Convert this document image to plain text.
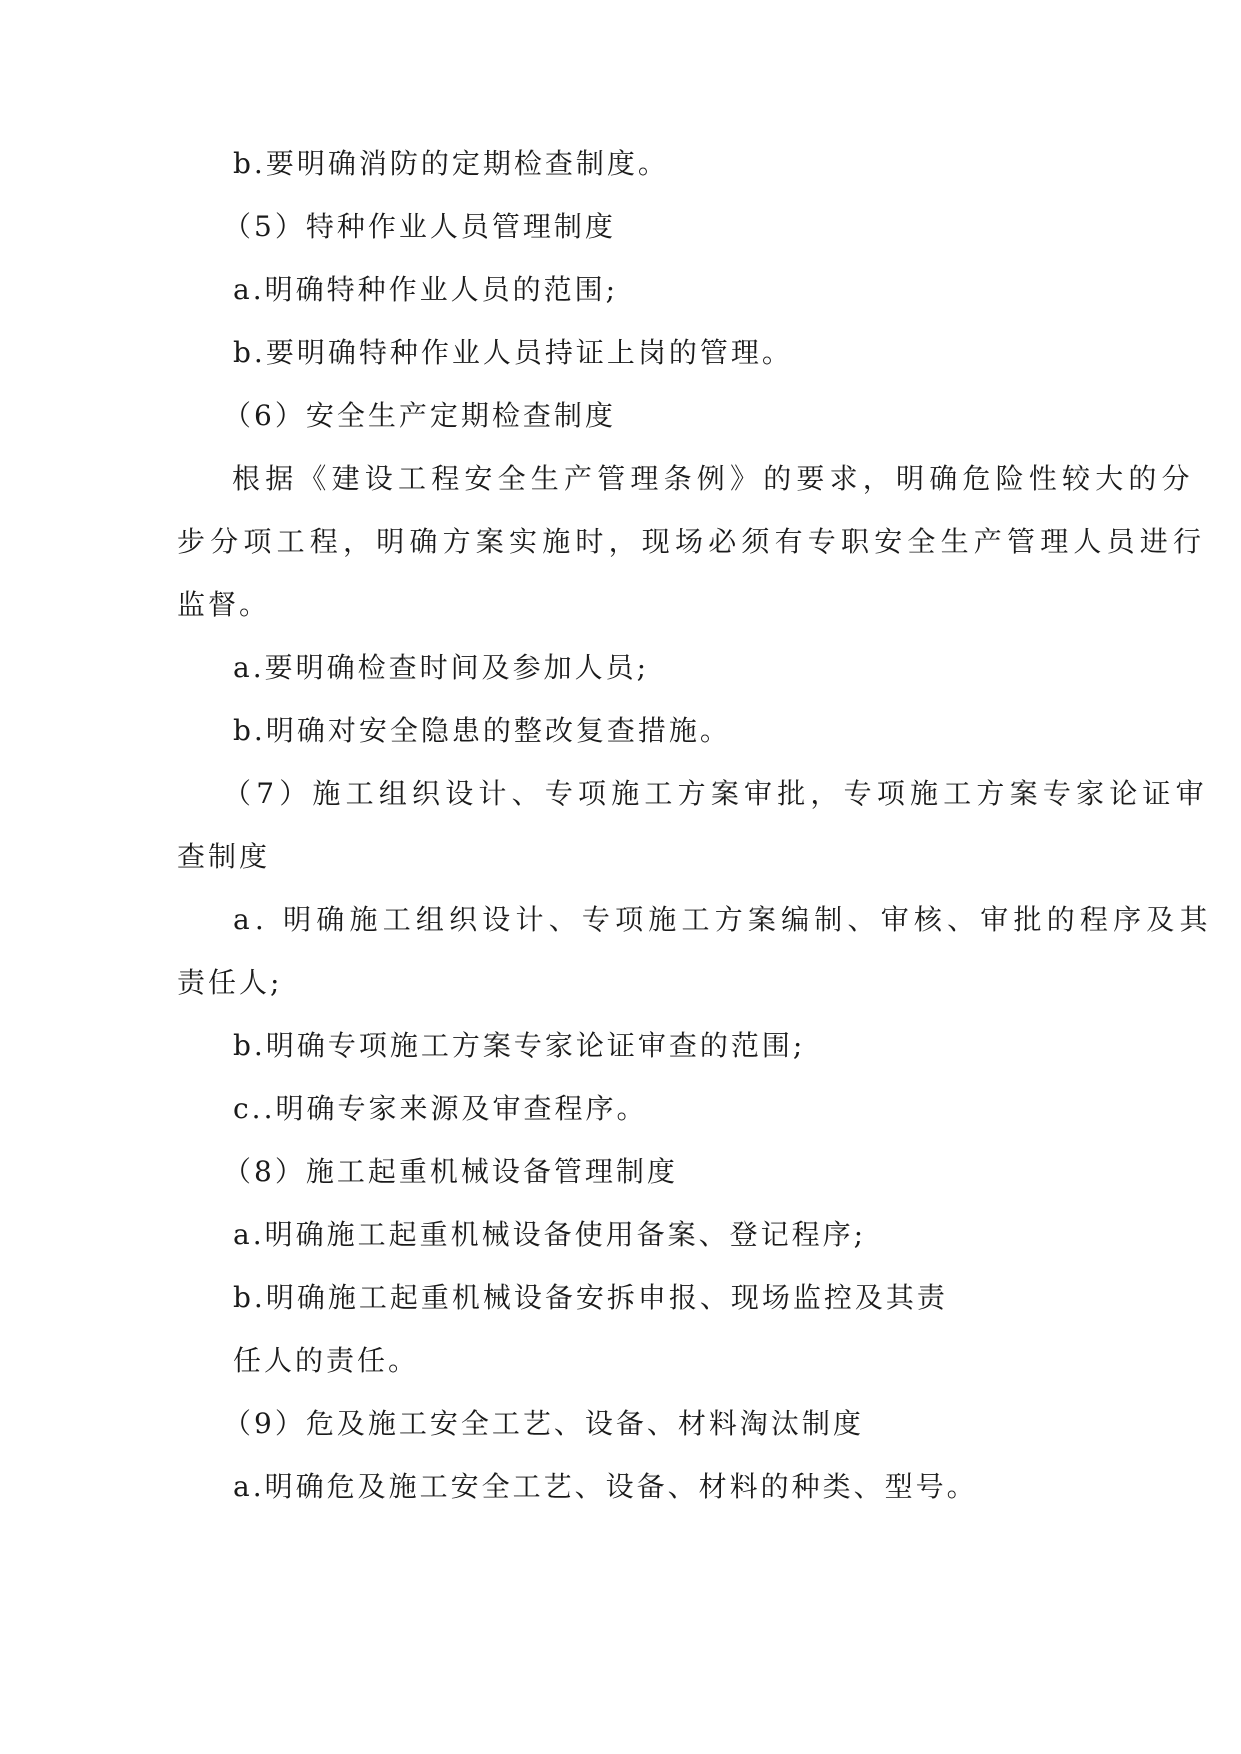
b.要明确消防的定期检查制度。
（5）特种作业人员管理制度
a.明确特种作业人员的范围;
b.要明确特种作业人员持证上岗的管理。
（6）安全生产定期检查制度
根据《建设工程安全生产管理条例》的要求，明确危险性较大的分
步分项工程，明确方案实施时，现场必须有专职安全生产管理人员进行
监督。
a.要明确检查时间及参加人员;
b.明确对安全隐患的整改复查措施。
（7）施工组织设计、专项施工方案审批，专项施工方案专家论证审
查制度
a. 明确施工组织设计、专项施工方案编制、审核、审批的程序及其
责任人;
b.明确专项施工方案专家论证审查的范围;
c..明确专家来源及审查程序。
（8）施工起重机械设备管理制度
a.明确施工起重机械设备使用备案、登记程序;
b.明确施工起重机械设备安拆申报、现场监控及其责
任人的责任。
（9）危及施工安全工艺、设备、材料淘汰制度
a.明确危及施工安全工艺、设备、材料的种类、型号。
